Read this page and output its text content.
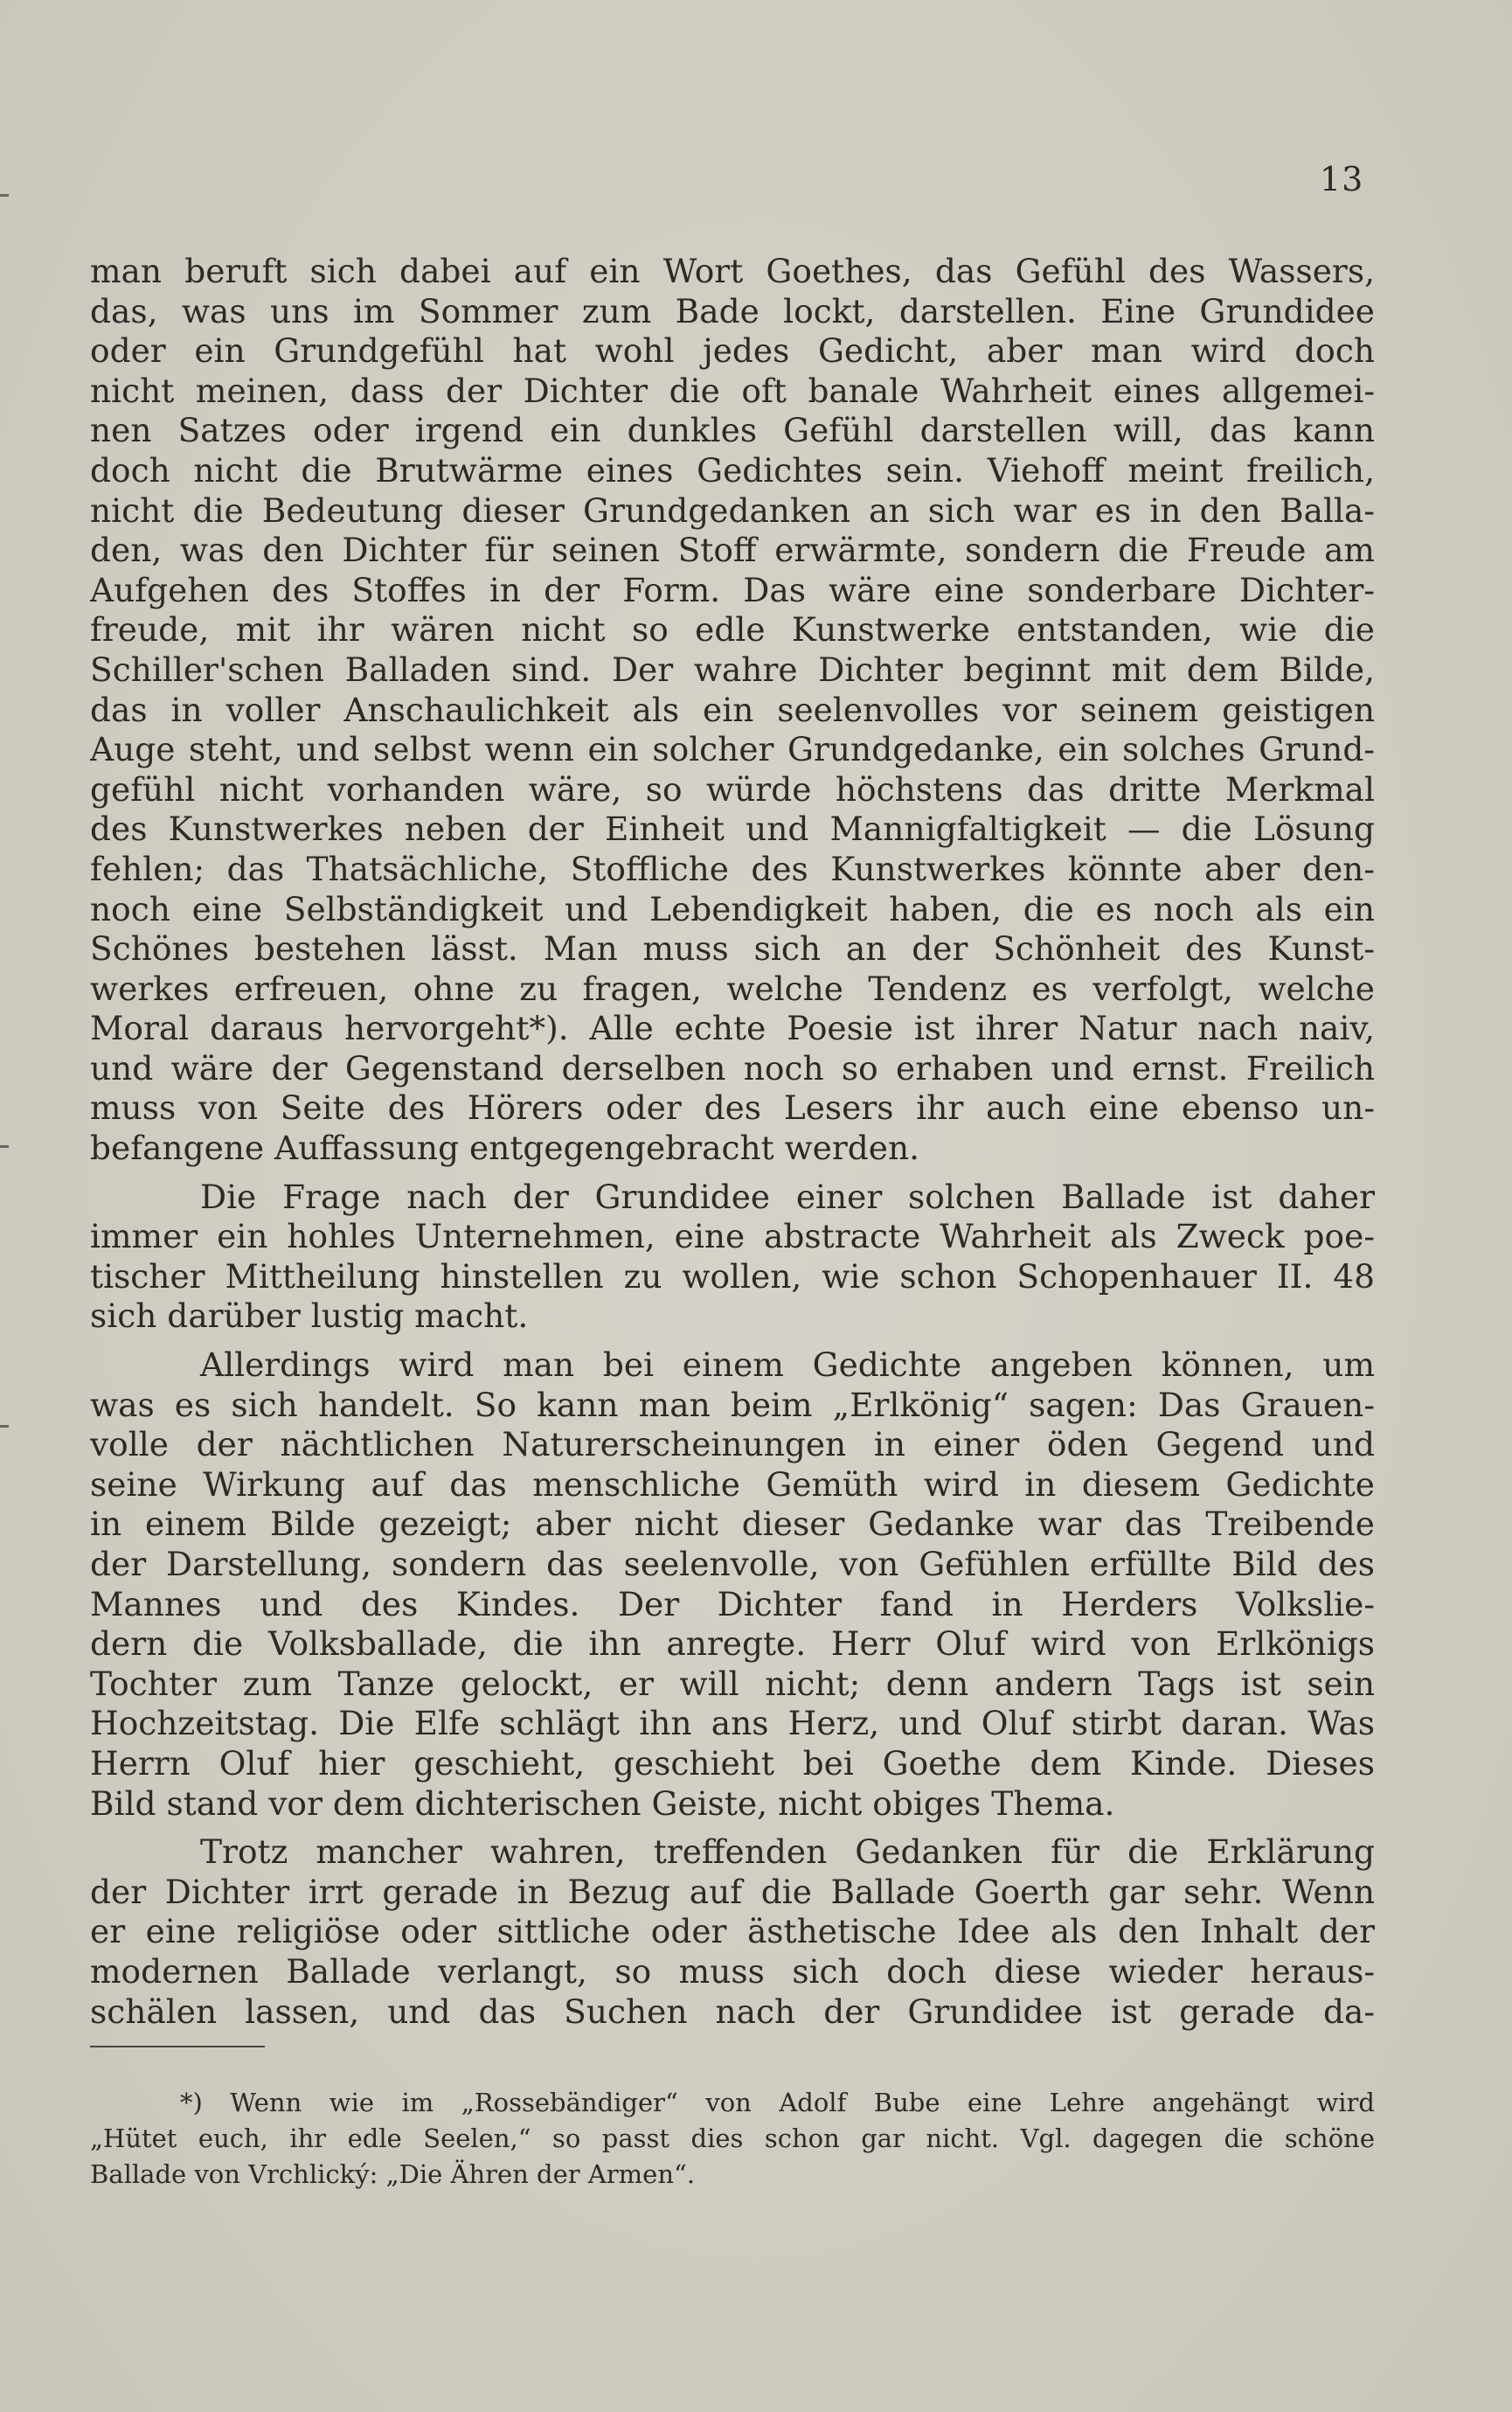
13
man beruft sich dabei auf ein Wort Goethes, das Gefühl des Wassers,
das, was uns im Sommer zum Bade lockt, darstellen. Eine Grundidee
oder ein Grundgefühl hat wohl jedes Gedicht, aber man wird doch
nicht meinen, dass der Dichter die oft banale Wahrheit eines allgemei-
nen Satzes oder irgend ein dunkles Gefühl darstellen will, das kann
doch nicht die Brutwärme eines Gedichtes sein. Viehoff meint freilich,
nicht die Bedeutung dieser Grundgedanken an sich war es in den Balla-
den, was den Dichter für seinen Stoff erwärmte, sondern die Freude am
Aufgehen des Stoffes in der Form. Das wäre eine sonderbare Dichter-
freude, mit ihr wären nicht so edle Kunstwerke entstanden, wie die
Schiller'schen Balladen sind. Der wahre Dichter beginnt mit dem Bilde,
das in voller Anschaulichkeit als ein seelenvolles vor seinem geistigen
Auge steht, und selbst wenn ein solcher Grundgedanke, ein solches Grund-
gefühl nicht vorhanden wäre, so würde höchstens das dritte Merkmal
des Kunstwerkes neben der Einheit und Mannigfaltigkeit — die Lösung
fehlen; das Thatsächliche, Stoffliche des Kunstwerkes könnte aber den-
noch eine Selbständigkeit und Lebendigkeit haben, die es noch als ein
Schönes bestehen lässt. Man muss sich an der Schönheit des Kunst-
werkes erfreuen, ohne zu fragen, welche Tendenz es verfolgt, welche
Moral daraus hervorgeht*). Alle echte Poesie ist ihrer Natur nach naiv,
und wäre der Gegenstand derselben noch so erhaben und ernst. Freilich
muss von Seite des Hörers oder des Lesers ihr auch eine ebenso un-
befangene Auffassung entgegengebracht werden.
Die Frage nach der Grundidee einer solchen Ballade ist daher
immer ein hohles Unternehmen, eine abstracte Wahrheit als Zweck poe-
tischer Mittheilung hinstellen zu wollen, wie schon Schopenhauer II. 48
sich darüber lustig macht.
Allerdings wird man bei einem Gedichte angeben können, um
was es sich handelt. So kann man beim „Erlkönig“ sagen: Das Grauen-
volle der nächtlichen Naturerscheinungen in einer öden Gegend und
seine Wirkung auf das menschliche Gemüth wird in diesem Gedichte
in einem Bilde gezeigt; aber nicht dieser Gedanke war das Treibende
der Darstellung, sondern das seelenvolle, von Gefühlen erfüllte Bild des
Mannes und des Kindes. Der Dichter fand in Herders Volkslie-
dern die Volksballade, die ihn anregte. Herr Oluf wird von Erlkönigs
Tochter zum Tanze gelockt, er will nicht; denn andern Tags ist sein
Hochzeitstag. Die Elfe schlägt ihn ans Herz, und Oluf stirbt daran. Was
Herrn Oluf hier geschieht, geschieht bei Goethe dem Kinde. Dieses
Bild stand vor dem dichterischen Geiste, nicht obiges Thema.
Trotz mancher wahren, treffenden Gedanken für die Erklärung
der Dichter irrt gerade in Bezug auf die Ballade Goerth gar sehr. Wenn
er eine religiöse oder sittliche oder ästhetische Idee als den Inhalt der
modernen Ballade verlangt, so muss sich doch diese wieder heraus-
schälen lassen, und das Suchen nach der Grundidee ist gerade da-
*) Wenn wie im „Rossebändiger“ von Adolf Bube eine Lehre angehängt wird
„Hütet euch, ihr edle Seelen,“ so passt dies schon gar nicht. Vgl. dagegen die schöne
Ballade von Vrchlický: „Die Ähren der Armen“.
